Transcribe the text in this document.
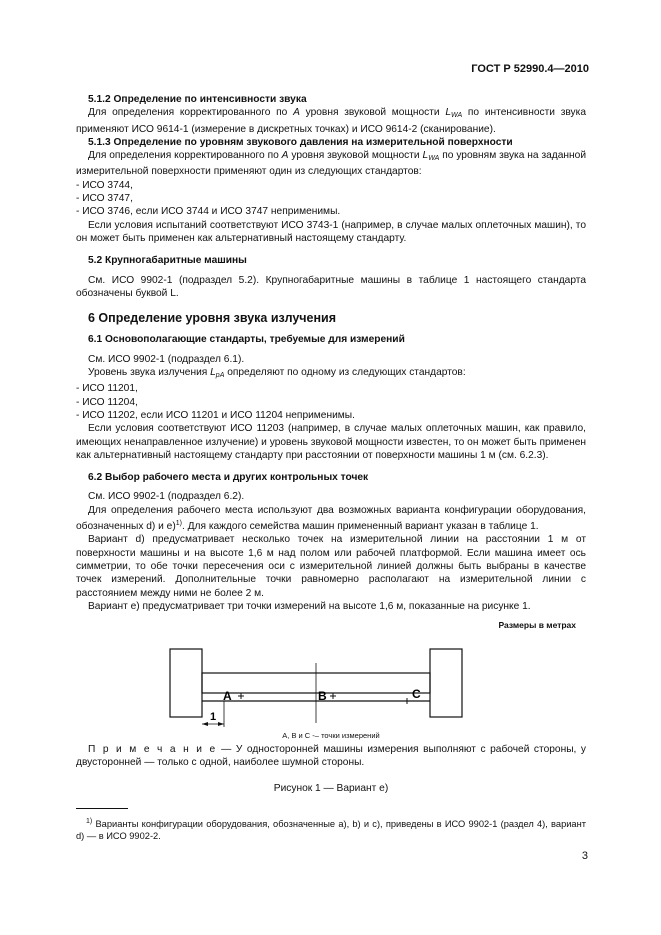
ГОСТ Р 52990.4—2010

5.1.2 Определение по интенсивности звука

Для определения корректированного по A уровня звуковой мощности $L_{WA}$ по интенсивности звука применяют ИСО 9614-1 (измерение в дискретных точках) и ИСО 9614-2 (сканирование).

5.1.3 Определение по уровням звукового давления на измерительной поверхности

Для определения корректированного по A уровня звуковой мощности $L_{WA}$ по уровням звука на заданной измерительной поверхности применяют один из следующих стандартов:

- ИСО 3744,

- ИСО 3747,

- ИСО 3746, если ИСО 3744 и ИСО 3747 неприменимы.

Если условия испытаний соответствуют ИСО 3743-1 (например, в случае малых оплеточных машин), то он может быть применен как альтернативный настоящему стандарту.

5.2 Крупногабаритные машины

См. ИСО 9902-1 (подраздел 5.2). Крупногабаритные машины в таблице 1 настоящего стандарта обозначены буквой L.

6 Определение уровня звука излучения

6.1 Основополагающие стандарты, требуемые для измерений

См. ИСО 9902-1 (подраздел 6.1).

Уровень звука излучения $L_{pA}$ определяют по одному из следующих стандартов:

- ИСО 11201,

- ИСО 11204,

- ИСО 11202, если ИСО 11201 и ИСО 11204 неприменимы.

Если условия соответствуют ИСО 11203 (например, в случае малых оплеточных машин, как правило, имеющих ненаправленное излучение) и уровень звуковой мощности известен, то он может быть применен как альтернативный настоящему стандарту при расстоянии от поверхности машины 1 м (см. 6.2.3).

6.2 Выбор рабочего места и других контрольных точек

См. ИСО 9902-1 (подраздел 6.2).

Для определения рабочего места используют два возможных варианта конфигурации оборудования, обозначенных d) и e)$^{1)}$. Для каждого семейства машин примененный вариант указан в таблице 1.

Вариант d) предусматривает несколько точек на измерительной линии на расстоянии 1 м от поверхности машины и на высоте 1,6 м над полом или рабочей платформой. Если машина имеет ось симметрии, то обе точки пересечения оси с измерительной линией должны быть выбраны в качестве точек измерений. Дополнительные точки равномерно располагают на измерительной линии с расстоянием между ними не более 2 м.

Вариант e) предусматривает три точки измерений на высоте 1,6 м, показанные на рисунке 1.

Размеры в метрах
A	B	C
1
A, B и C -– точки измерений

П р и м е ч а н и е — У односторонней машины измерения выполняют с рабочей стороны, у двусторонней — только с одной, наиболее шумной стороны.

Рисунок 1 — Вариант e)

$^{1)}$ Варианты конфигурации оборудования, обозначенные a), b) и c), приведены в ИСО 9902-1 (раздел 4), вариант d) — в ИСО 9902-2.
3
